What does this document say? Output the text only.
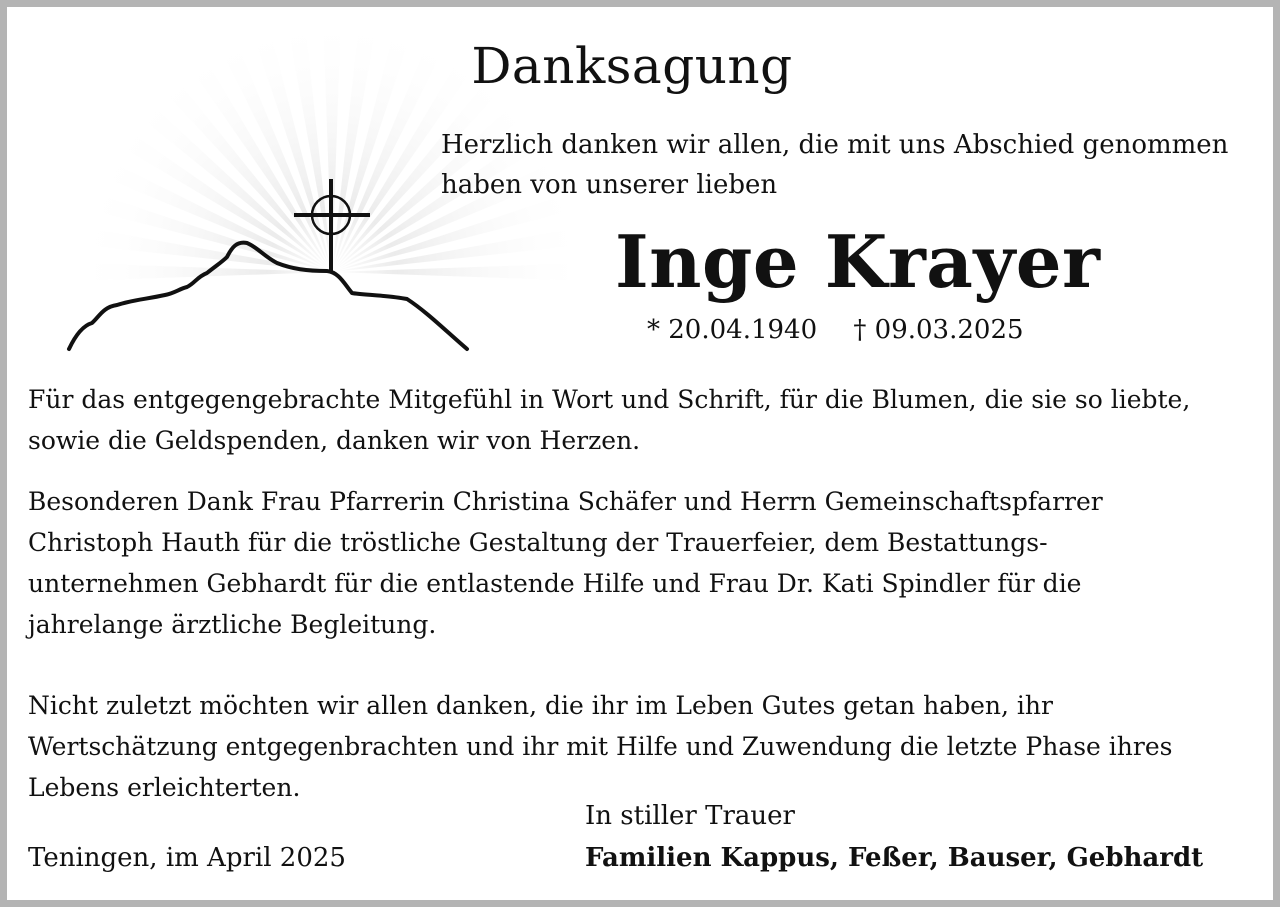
Danksagung
Herzlich danken wir allen, die mit uns Abschied genommen
haben von unserer lieben
Inge Krayer
* 20.04.1940 † 09.03.2025
Für das entgegengebrachte Mitgefühl in Wort und Schrift, für die Blumen, die sie so liebte,
sowie die Geldspenden, danken wir von Herzen.
Besonderen Dank Frau Pfarrerin Christina Schäfer und Herrn Gemeinschaftspfarrer
Christoph Hauth für die tröstliche Gestaltung der Trauerfeier, dem Bestattungs-
unternehmen Gebhardt für die entlastende Hilfe und Frau Dr. Kati Spindler für die
jahrelange ärztliche Begleitung.
Nicht zuletzt möchten wir allen danken, die ihr im Leben Gutes getan haben, ihr
Wertschätzung entgegenbrachten und ihr mit Hilfe und Zuwendung die letzte Phase ihres
Lebens erleichterten.
In stiller Trauer
Teningen, im April 2025	Familien Kappus, Feßer, Bauser, Gebhardt
